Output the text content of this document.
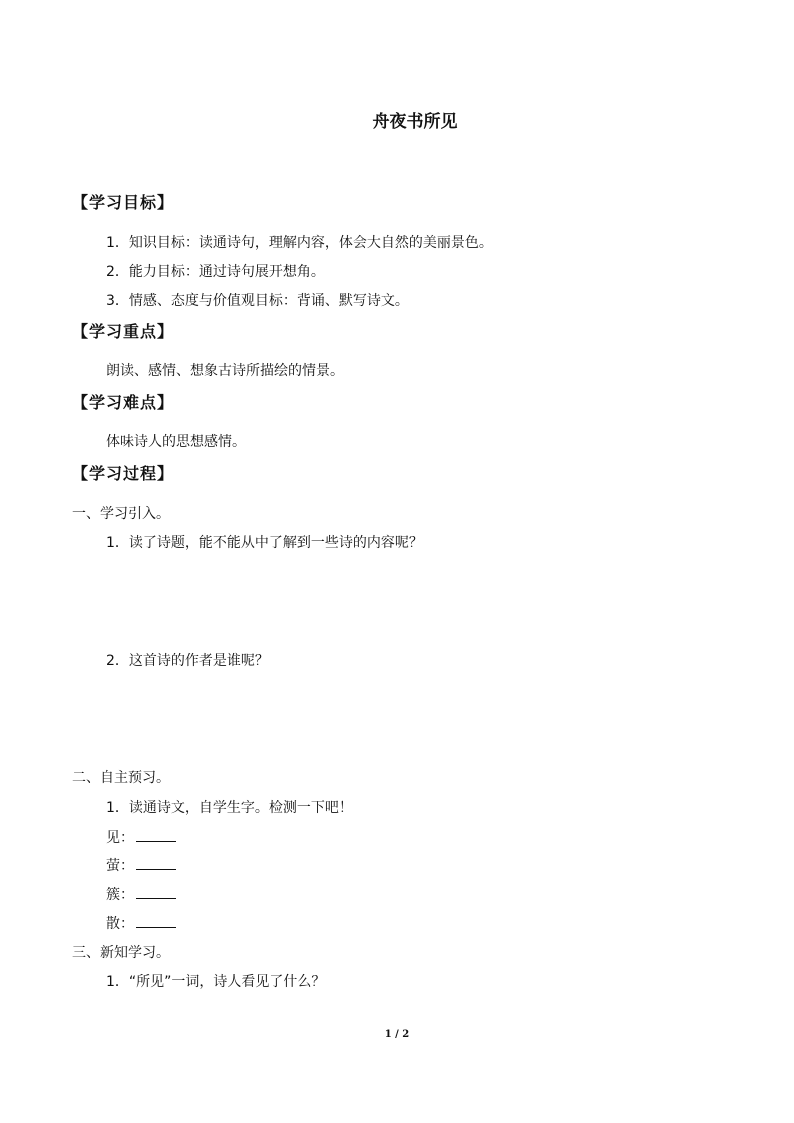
舟夜书所见
【学习目标】
1．知识目标：读通诗句，理解内容，体会大自然的美丽景色。
2．能力目标：通过诗句展开想角。
3．情感、态度与价值观目标：背诵、默写诗文。
【学习重点】
朗读、感情、想象古诗所描绘的情景。
【学习难点】
体味诗人的思想感情。
【学习过程】
一、学习引入。
1．读了诗题，能不能从中了解到一些诗的内容呢？
2．这首诗的作者是谁呢？
二、自主预习。
1．读通诗文，自学生字。检测一下吧！
见：
萤：
簇：
散：
三、新知学习。
1．“所见”一词，诗人看见了什么？
1 / 2
